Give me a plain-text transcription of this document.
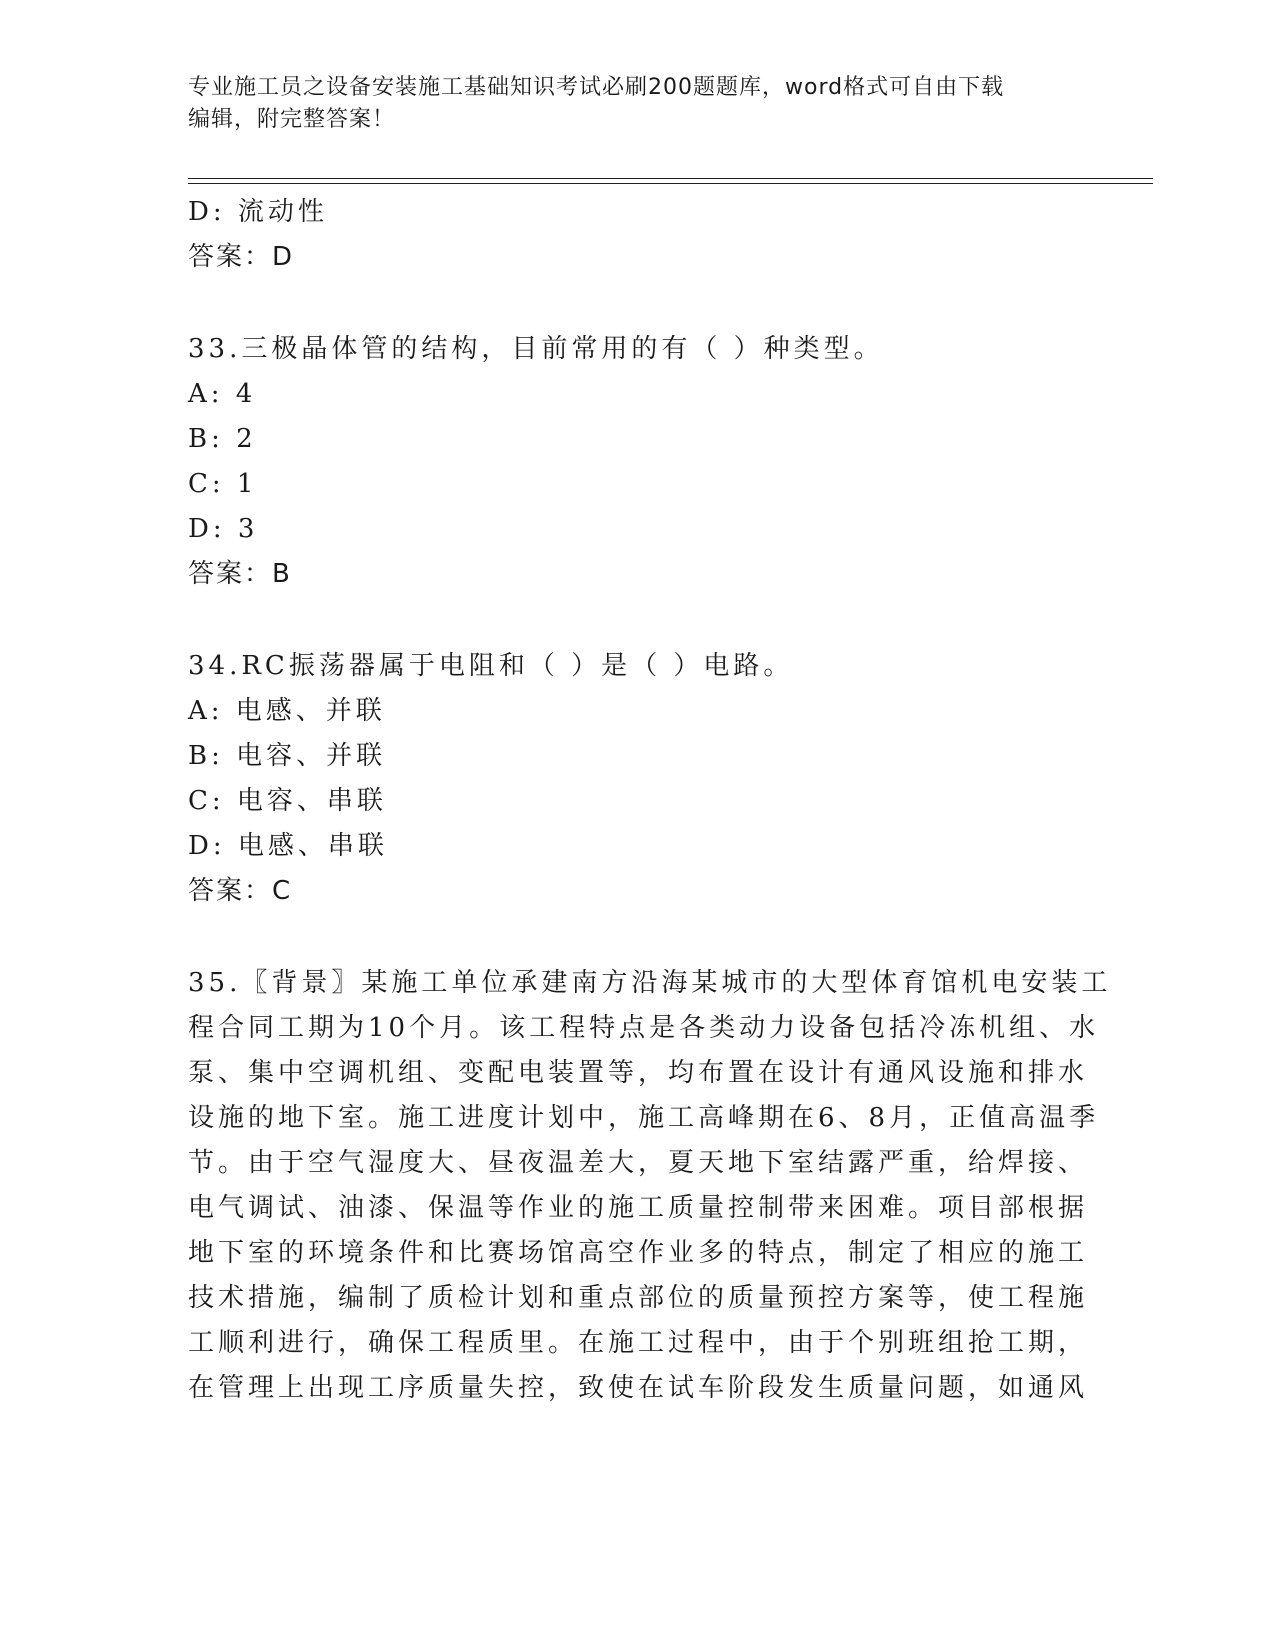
专业施工员之设备安装施工基础知识考试必刷200题题库，word格式可自由下载
编辑，附完整答案！
D: 流动性
答案：D
33.三极晶体管的结构，目前常用的有（ ）种类型。
A: 4
B: 2
C: 1
D: 3
答案：B
34.RC振荡器属于电阻和（ ）是（ ）电路。
A: 电感、并联
B: 电容、并联
C: 电容、串联
D: 电感、串联
答案：C
35.〖背景〗某施工单位承建南方沿海某城市的大型体育馆机电安装工
程合同工期为10个月。该工程特点是各类动力设备包括冷冻机组、水
泵、集中空调机组、变配电装置等，均布置在设计有通风设施和排水
设施的地下室。施工进度计划中，施工高峰期在6、8月，正值高温季
节。由于空气湿度大、昼夜温差大，夏天地下室结露严重，给焊接、
电气调试、油漆、保温等作业的施工质量控制带来困难。项目部根据
地下室的环境条件和比赛场馆高空作业多的特点，制定了相应的施工
技术措施，编制了质检计划和重点部位的质量预控方案等，使工程施
工顺利进行，确保工程质里。在施工过程中，由于个别班组抢工期，
在管理上出现工序质量失控，致使在试车阶段发生质量问题，如通风
